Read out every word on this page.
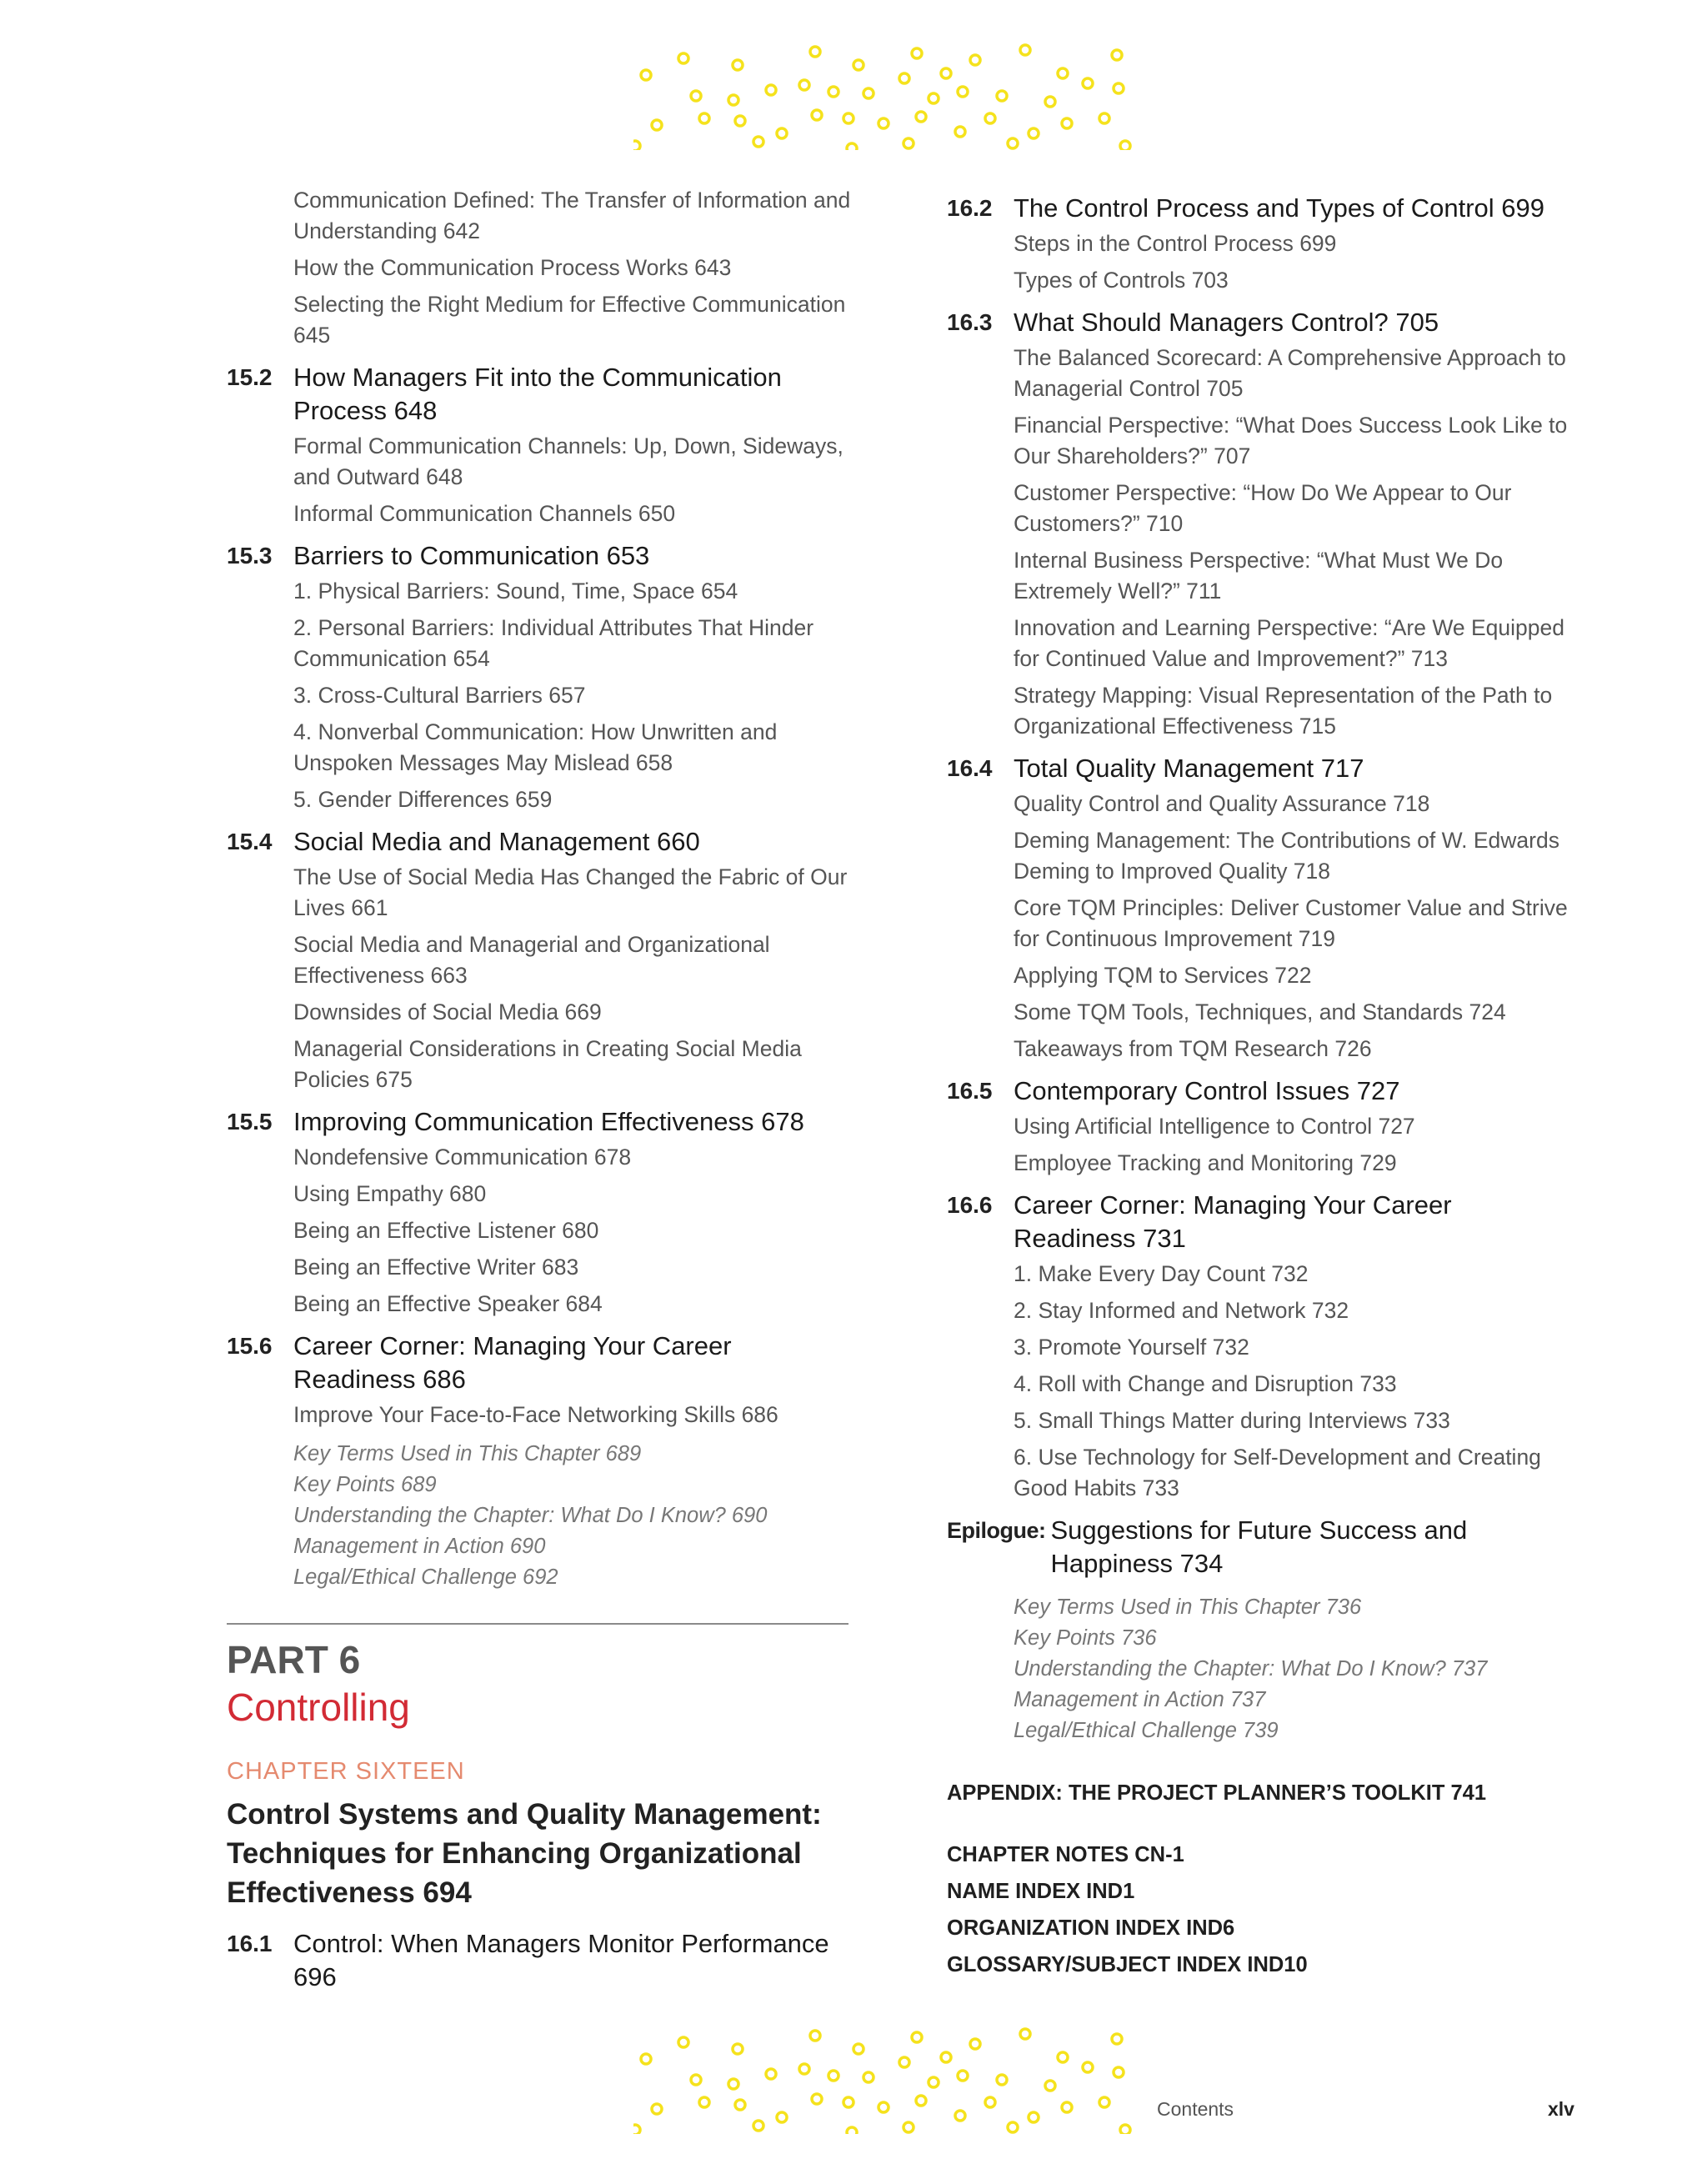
Communication Defined: The Transfer of Information and Understanding 642
How the Communication Process Works 643
Selecting the Right Medium for Effective Communication 645
15.2 How Managers Fit into the Communication Process 648
Formal Communication Channels: Up, Down, Sideways, and Outward 648
Informal Communication Channels 650
15.3 Barriers to Communication 653
1. Physical Barriers: Sound, Time, Space 654
2. Personal Barriers: Individual Attributes That Hinder Communication 654
3. Cross-Cultural Barriers 657
4. Nonverbal Communication: How Unwritten and Unspoken Messages May Mislead 658
5. Gender Differences 659
15.4 Social Media and Management 660
The Use of Social Media Has Changed the Fabric of Our Lives 661
Social Media and Managerial and Organizational Effectiveness 663
Downsides of Social Media 669
Managerial Considerations in Creating Social Media Policies 675
15.5 Improving Communication Effectiveness 678
Nondefensive Communication 678
Using Empathy 680
Being an Effective Listener 680
Being an Effective Writer 683
Being an Effective Speaker 684
15.6 Career Corner: Managing Your Career Readiness 686
Improve Your Face-to-Face Networking Skills 686
Key Terms Used in This Chapter 689
Key Points 689
Understanding the Chapter: What Do I Know? 690
Management in Action 690
Legal/Ethical Challenge 692
PART 6
Controlling
CHAPTER SIXTEEN
Control Systems and Quality Management: Techniques for Enhancing Organizational Effectiveness 694
16.1 Control: When Managers Monitor Performance 696
16.2 The Control Process and Types of Control 699
Steps in the Control Process 699
Types of Controls 703
16.3 What Should Managers Control? 705
The Balanced Scorecard: A Comprehensive Approach to Managerial Control 705
Financial Perspective: “What Does Success Look Like to Our Shareholders?” 707
Customer Perspective: “How Do We Appear to Our Customers?” 710
Internal Business Perspective: “What Must We Do Extremely Well?” 711
Innovation and Learning Perspective: “Are We Equipped for Continued Value and Improvement?” 713
Strategy Mapping: Visual Representation of the Path to Organizational Effectiveness 715
16.4 Total Quality Management 717
Quality Control and Quality Assurance 718
Deming Management: The Contributions of W. Edwards Deming to Improved Quality 718
Core TQM Principles: Deliver Customer Value and Strive for Continuous Improvement 719
Applying TQM to Services 722
Some TQM Tools, Techniques, and Standards 724
Takeaways from TQM Research 726
16.5 Contemporary Control Issues 727
Using Artificial Intelligence to Control 727
Employee Tracking and Monitoring 729
16.6 Career Corner: Managing Your Career Readiness 731
1. Make Every Day Count 732
2. Stay Informed and Network 732
3. Promote Yourself 732
4. Roll with Change and Disruption 733
5. Small Things Matter during Interviews 733
6. Use Technology for Self-Development and Creating Good Habits 733
Epilogue: Suggestions for Future Success and Happiness 734
Key Terms Used in This Chapter 736
Key Points 736
Understanding the Chapter: What Do I Know? 737
Management in Action 737
Legal/Ethical Challenge 739
APPENDIX: THE PROJECT PLANNER’S TOOLKIT 741
CHAPTER NOTES CN-1
NAME INDEX IND1
ORGANIZATION INDEX IND6
GLOSSARY/SUBJECT INDEX IND10
Contents	xlv
